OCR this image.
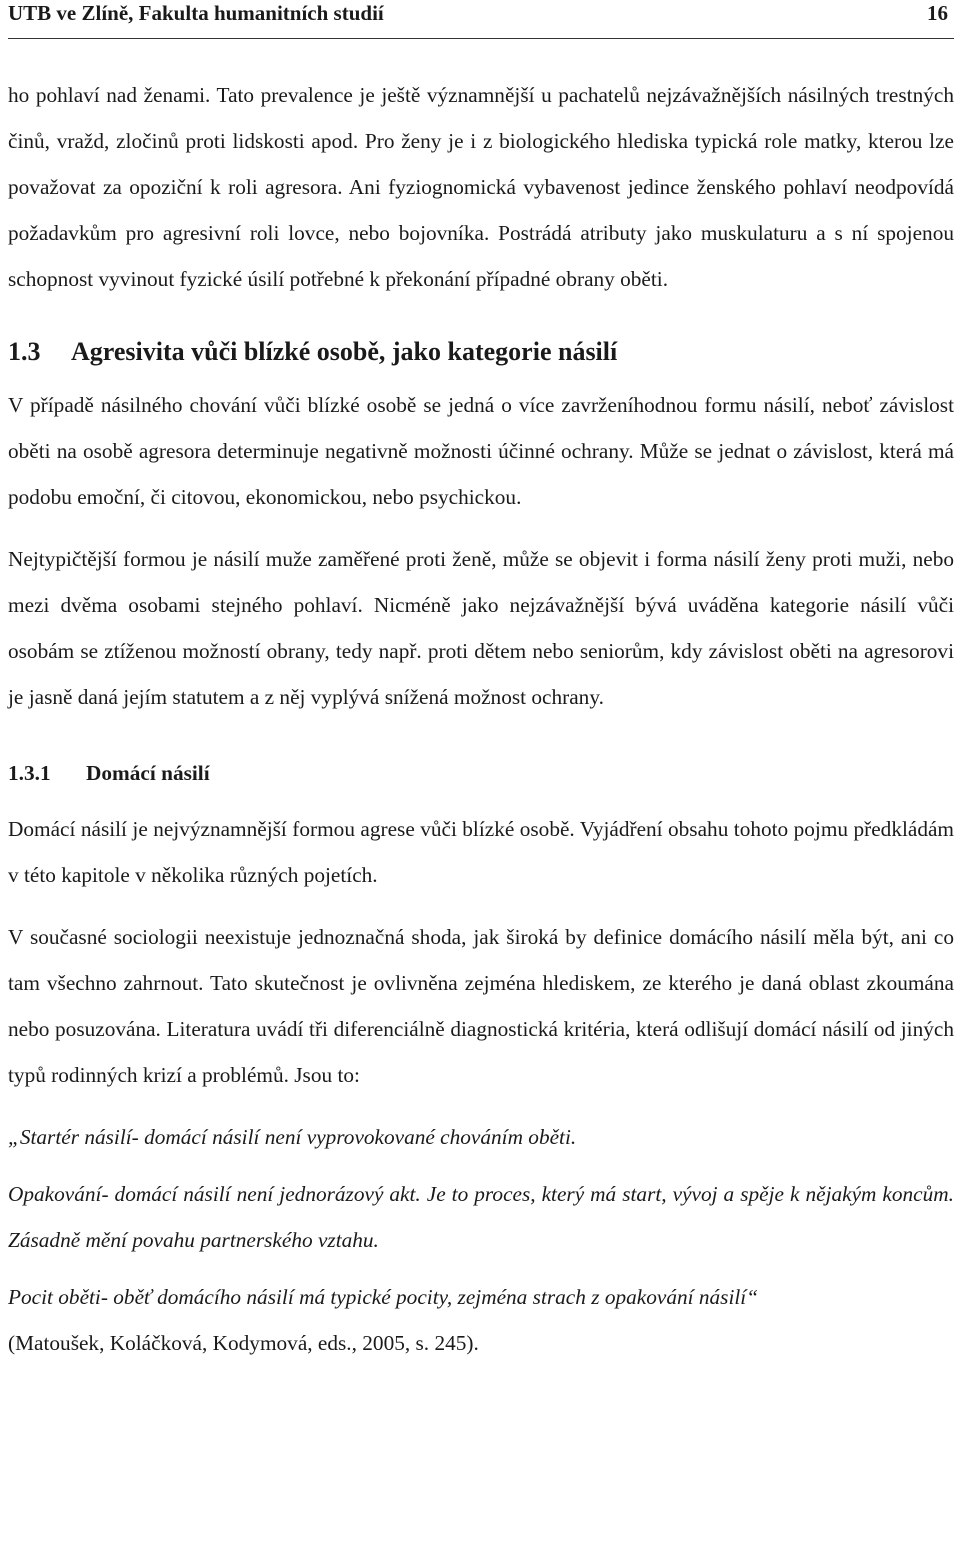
UTB ve Zlíně, Fakulta humanitních studií	16

ho pohlaví nad ženami. Tato prevalence je ještě významnější u pachatelů nejzávažnějších násilných trestných činů, vražd, zločinů proti lidskosti apod. Pro ženy je i z biologického hlediska typická role matky, kterou lze považovat za opoziční k roli agresora. Ani fyziognomická vybavenost jedince ženského pohlaví neodpovídá požadavkům pro agresivní roli lovce, nebo bojovníka. Postrádá atributy jako muskulaturu a s ní spojenou schopnost vyvinout fyzické úsilí potřebné k překonání případné obrany oběti.

1.3 Agresivita vůči blízké osobě, jako kategorie násilí

V případě násilného chování vůči blízké osobě se jedná o více zavrženíhodnou formu násilí, neboť závislost oběti na osobě agresora determinuje negativně možnosti účinné ochrany. Může se jednat o závislost, která má podobu emoční, či citovou, ekonomickou, nebo psychickou.

Nejtypičtější formou je násilí muže zaměřené proti ženě, může se objevit i forma násilí ženy proti muži, nebo mezi dvěma osobami stejného pohlaví. Nicméně jako nejzávažnější bývá uváděna kategorie násilí vůči osobám se ztíženou možností obrany, tedy např. proti dětem nebo seniorům, kdy závislost oběti na agresorovi je jasně daná jejím statutem a z něj vyplývá snížená možnost ochrany.

1.3.1 Domácí násilí

Domácí násilí je nejvýznamnější formou agrese vůči blízké osobě. Vyjádření obsahu tohoto pojmu předkládám v této kapitole v několika různých pojetích.

V současné sociologii neexistuje jednoznačná shoda, jak široká by definice domácího násilí měla být, ani co tam všechno zahrnout. Tato skutečnost je ovlivněna zejména hlediskem, ze kterého je daná oblast zkoumána nebo posuzována. Literatura uvádí tři diferenciálně diagnostická kritéria, která odlišují domácí násilí od jiných typů rodinných krizí a problémů. Jsou to:

„Startér násilí- domácí násilí není vyprovokované chováním oběti.

Opakování- domácí násilí není jednorázový akt. Je to proces, který má start, vývoj a spěje k nějakým koncům. Zásadně mění povahu partnerského vztahu.

Pocit oběti- oběť domácího násilí má typické pocity, zejména strach z opakování násilí“

(Matoušek, Koláčková, Kodymová, eds., 2005, s. 245).
